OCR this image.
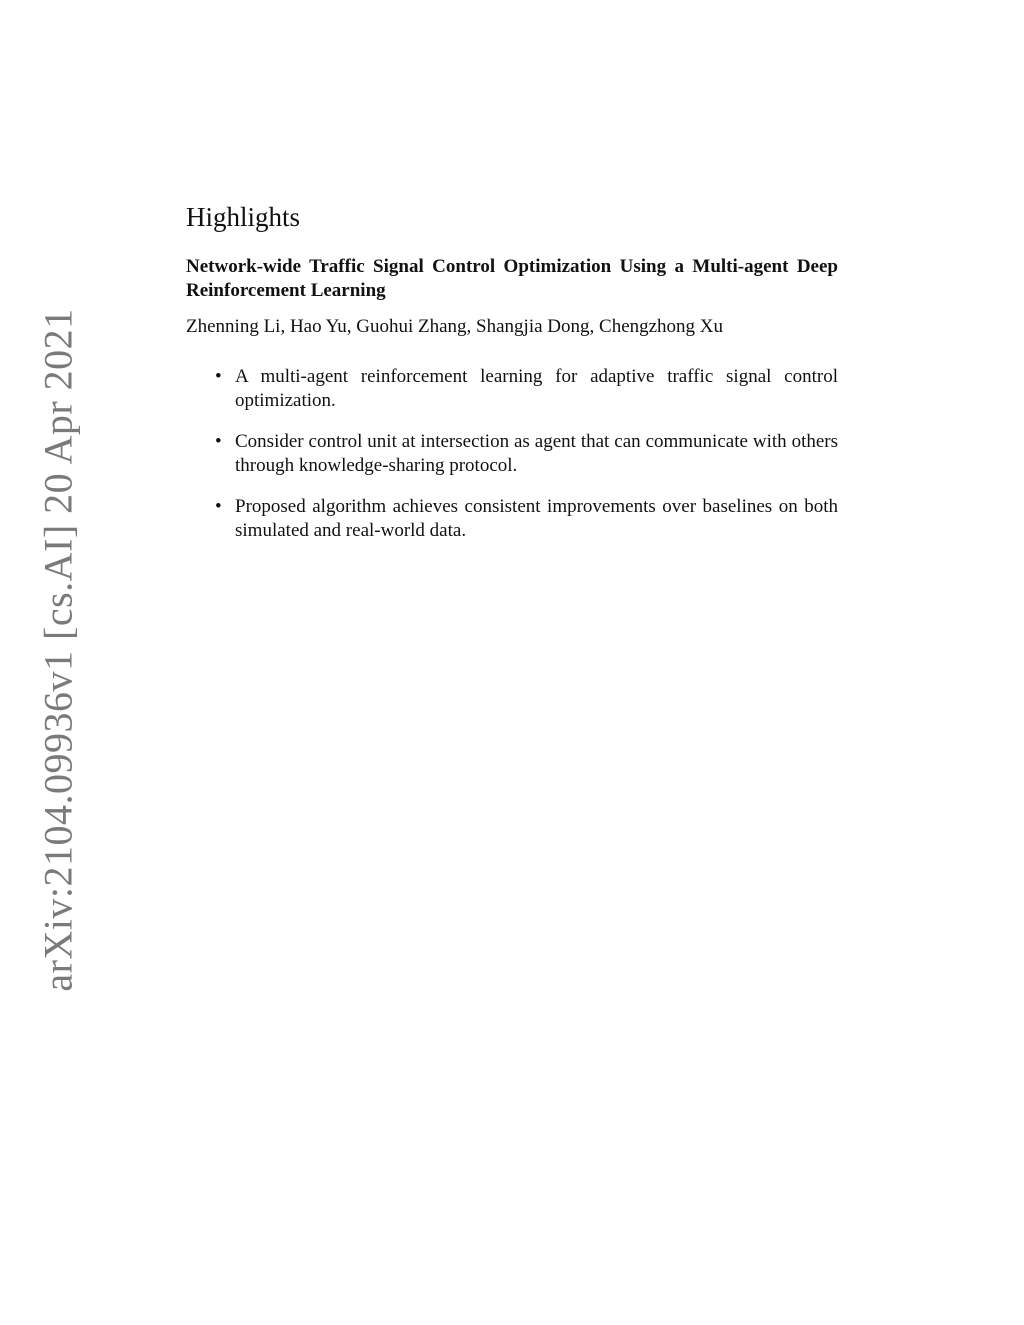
arXiv:2104.09936v1 [cs.AI] 20 Apr 2021
Highlights
Network-wide Traffic Signal Control Optimization Using a Multi-agent Deep Reinforcement Learning
Zhenning Li, Hao Yu, Guohui Zhang, Shangjia Dong, Chengzhong Xu
• A multi-agent reinforcement learning for adaptive traffic signal control optimization.
• Consider control unit at intersection as agent that can communicate with others through knowledge-sharing protocol.
• Proposed algorithm achieves consistent improvements over baselines on both simulated and real-world data.
